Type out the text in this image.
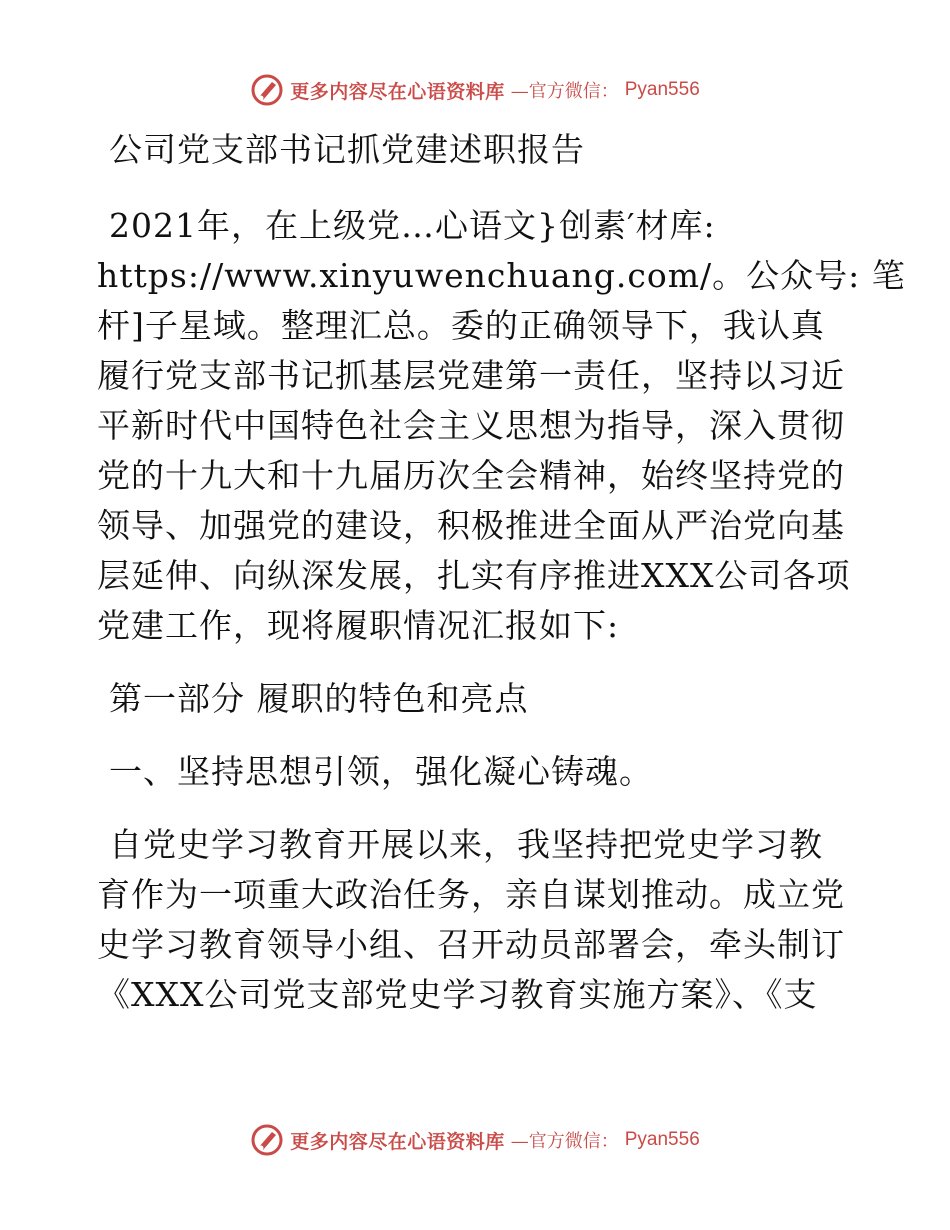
更多内容尽在心语资料库 —官方微信： Pyan556
公司党支部书记抓党建述职报告
2021年，在上级党…心语文}创素′材库:
https://www.xinyuwenchuang.com/。公众号: 笔
杆]子星域。整理汇总。委的正确领导下，我认真
履行党支部书记抓基层党建第一责任，坚持以习近
平新时代中国特色社会主义思想为指导，深入贯彻
党的十九大和十九届历次全会精神，始终坚持党的
领导、加强党的建设，积极推进全面从严治党向基
层延伸、向纵深发展，扎实有序推进XXX公司各项
党建工作，现将履职情况汇报如下:
第一部分 履职的特色和亮点
一、坚持思想引领，强化凝心铸魂。
自党史学习教育开展以来，我坚持把党史学习教
育作为一项重大政治任务，亲自谋划推动。成立党
史学习教育领导小组、召开动员部署会，牵头制订
《XXX公司党支部党史学习教育实施方案》、《支
更多内容尽在心语资料库 —官方微信： Pyan556
